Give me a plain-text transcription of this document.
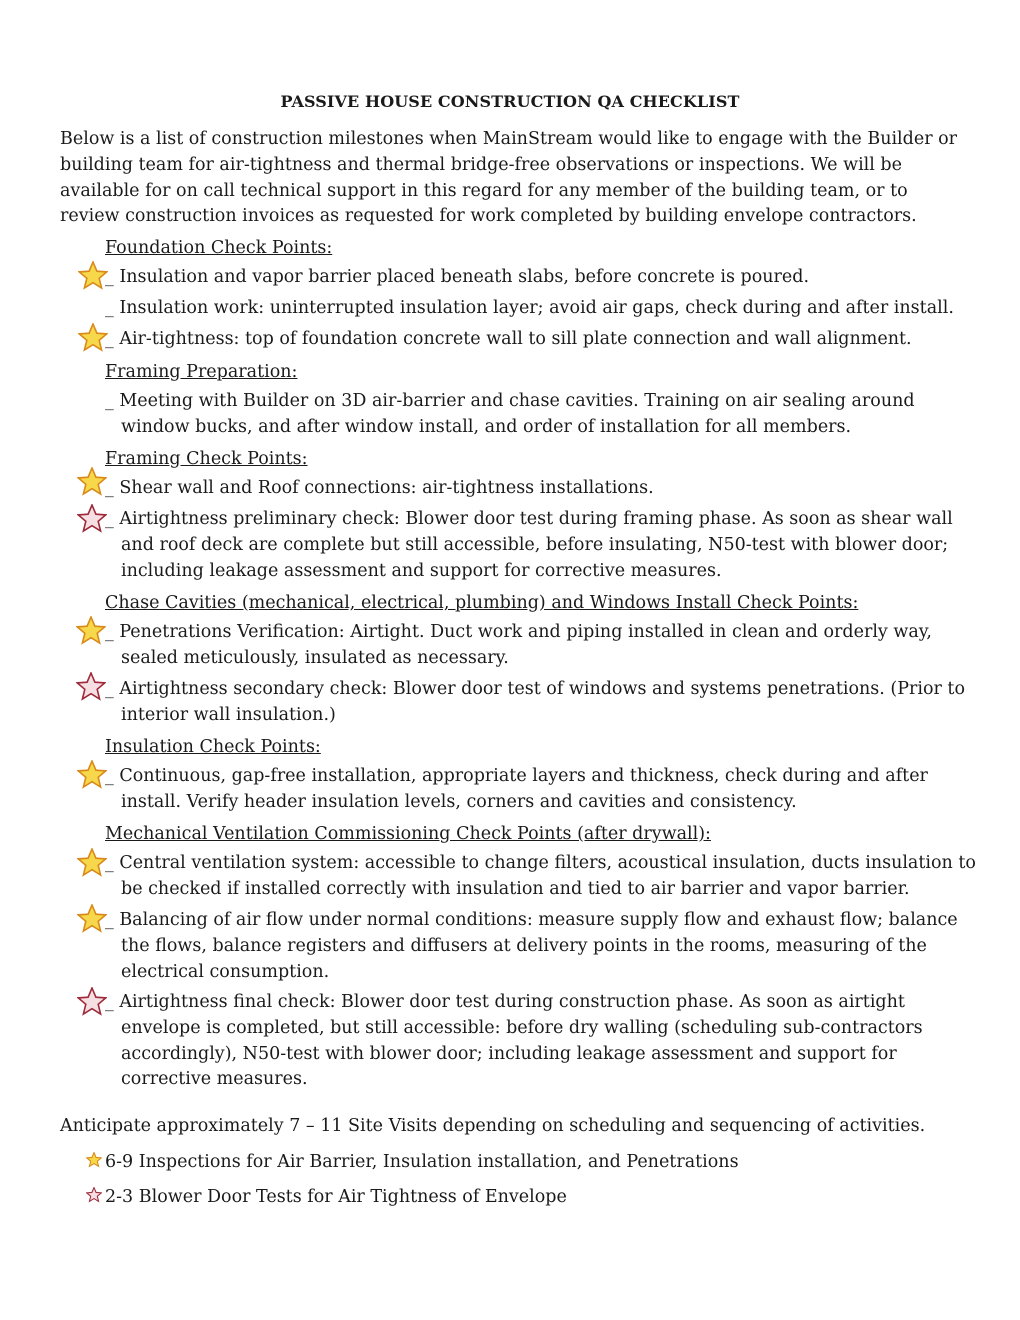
PASSIVE HOUSE CONSTRUCTION QA CHECKLIST
Below is a list of construction milestones when MainStream would like to engage with the Builder or building team for air-tightness and thermal bridge-free observations or inspections. We will be available for on call technical support in this regard for any member of the building team, or to review construction invoices as requested for work completed by building envelope contractors.
Foundation Check Points:
_ Insulation and vapor barrier placed beneath slabs, before concrete is poured.
_ Insulation work: uninterrupted insulation layer; avoid air gaps, check during and after install.
_ Air-tightness: top of foundation concrete wall to sill plate connection and wall alignment.
Framing Preparation:
_ Meeting with Builder on 3D air-barrier and chase cavities. Training on air sealing around window bucks, and after window install, and order of installation for all members.
Framing Check Points:
_ Shear wall and Roof connections: air-tightness installations.
_ Airtightness preliminary check: Blower door test during framing phase. As soon as shear wall and roof deck are complete but still accessible, before insulating, N50-test with blower door; including leakage assessment and support for corrective measures.
Chase Cavities (mechanical, electrical, plumbing) and Windows Install Check Points:
_ Penetrations Verification: Airtight. Duct work and piping installed in clean and orderly way, sealed meticulously, insulated as necessary.
_ Airtightness secondary check: Blower door test of windows and systems penetrations. (Prior to interior wall insulation.)
Insulation Check Points:
_ Continuous, gap-free installation, appropriate layers and thickness, check during and after install. Verify header insulation levels, corners and cavities and consistency.
Mechanical Ventilation Commissioning Check Points (after drywall):
_ Central ventilation system: accessible to change filters, acoustical insulation, ducts insulation to be checked if installed correctly with insulation and tied to air barrier and vapor barrier.
_ Balancing of air flow under normal conditions: measure supply flow and exhaust flow; balance the flows, balance registers and diffusers at delivery points in the rooms, measuring of the electrical consumption.
_ Airtightness final check: Blower door test during construction phase. As soon as airtight envelope is completed, but still accessible: before dry walling (scheduling sub-contractors accordingly), N50-test with blower door; including leakage assessment and support for corrective measures.
Anticipate approximately 7 – 11 Site Visits depending on scheduling and sequencing of activities.
6-9 Inspections for Air Barrier, Insulation installation, and Penetrations
2-3 Blower Door Tests for Air Tightness of Envelope
